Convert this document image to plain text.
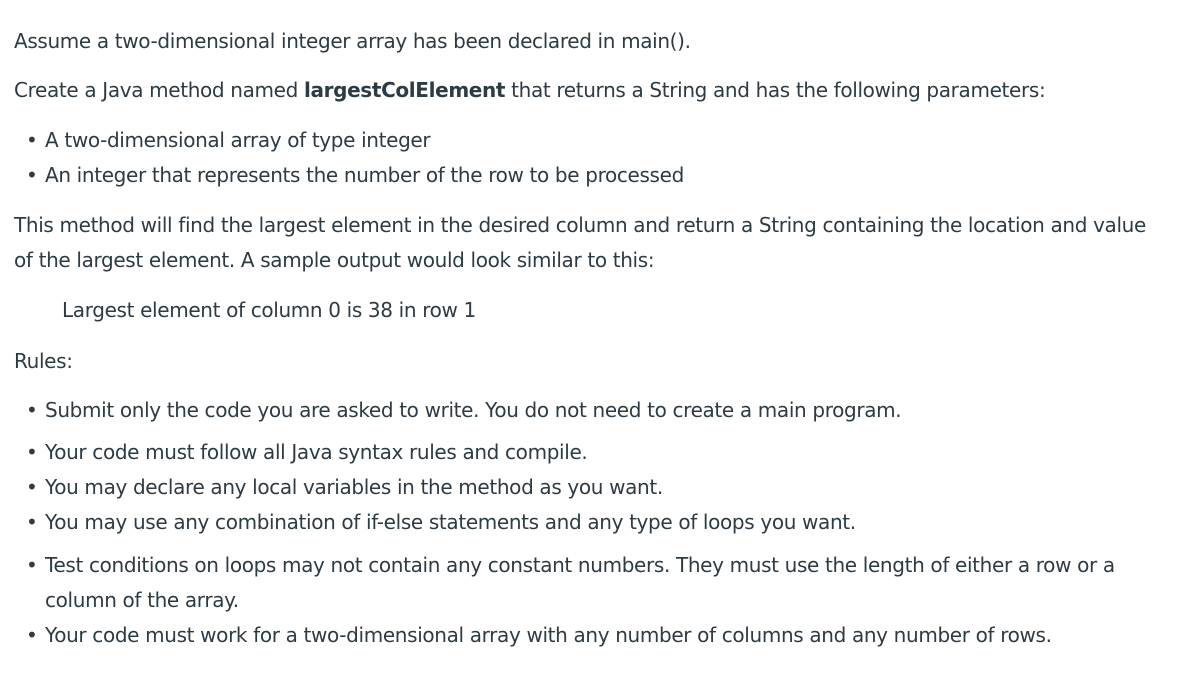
Assume a two-dimensional integer array has been declared in main().
Create a Java method named largestColElement that returns a String and has the following parameters:
• A two-dimensional array of type integer
• An integer that represents the number of the row to be processed
This method will find the largest element in the desired column and return a String containing the location and value
of the largest element. A sample output would look similar to this:
Largest element of column 0 is 38 in row 1
Rules:
• Submit only the code you are asked to write. You do not need to create a main program.
• Your code must follow all Java syntax rules and compile.
• You may declare any local variables in the method as you want.
• You may use any combination of if-else statements and any type of loops you want.
• Test conditions on loops may not contain any constant numbers. They must use the length of either a row or a
column of the array.
• Your code must work for a two-dimensional array with any number of columns and any number of rows.
